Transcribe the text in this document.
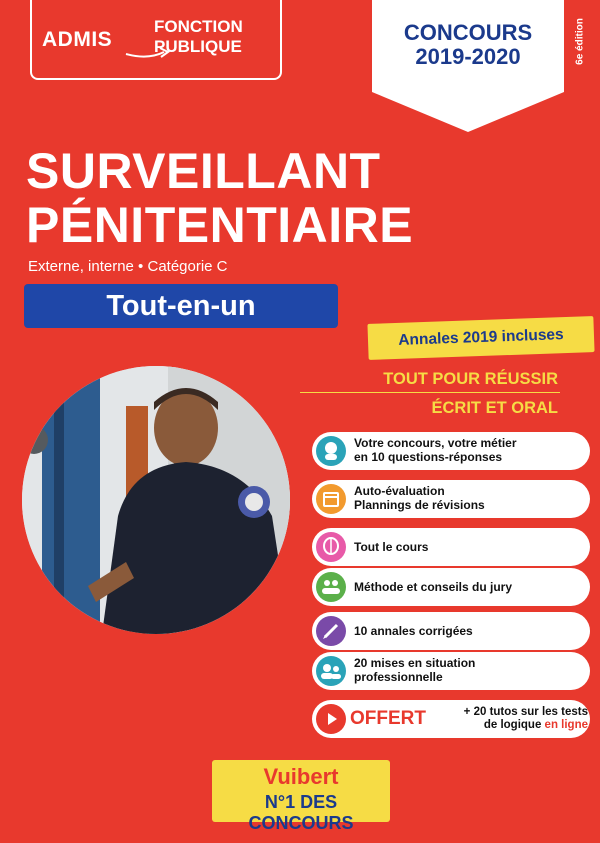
ADMIS
FONCTION
PUBLIQUE
CONCOURS
2019-2020	6e édition
SURVEILLANT
PÉNITENTIAIRE
Externe, interne • Catégorie C
Tout-en-un
Annales 2019 incluses
TOUT POUR RÉUSSIR
ÉCRIT ET ORAL
Votre concours, votre métier
en 10 questions-réponses
Auto-évaluation
Plannings de révisions
Tout le cours
Méthode et conseils du jury
10 annales corrigées
20 mises en situation
professionnelle
OFFERT	+ 20 tutos sur les tests
de logique en ligne
Vuibert
N°1 DES CONCOURS
